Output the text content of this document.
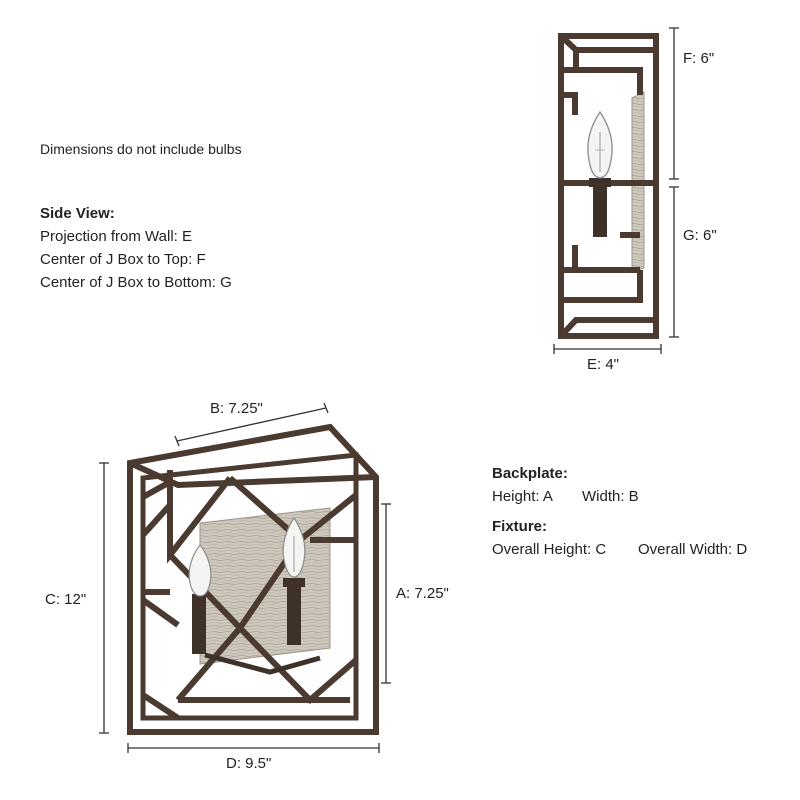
Dimensions do not include bulbs
Side View:
Projection from Wall: E
Center of J Box to Top: F
Center of J Box to Bottom: G
Backplate:
Height: A Width: B
Fixture:
Overall Height: C Overall Width: D
F: 6"
G: 6"
E: 4"
B: 7.25"
C: 12"	A: 7.25"
D: 9.5"
